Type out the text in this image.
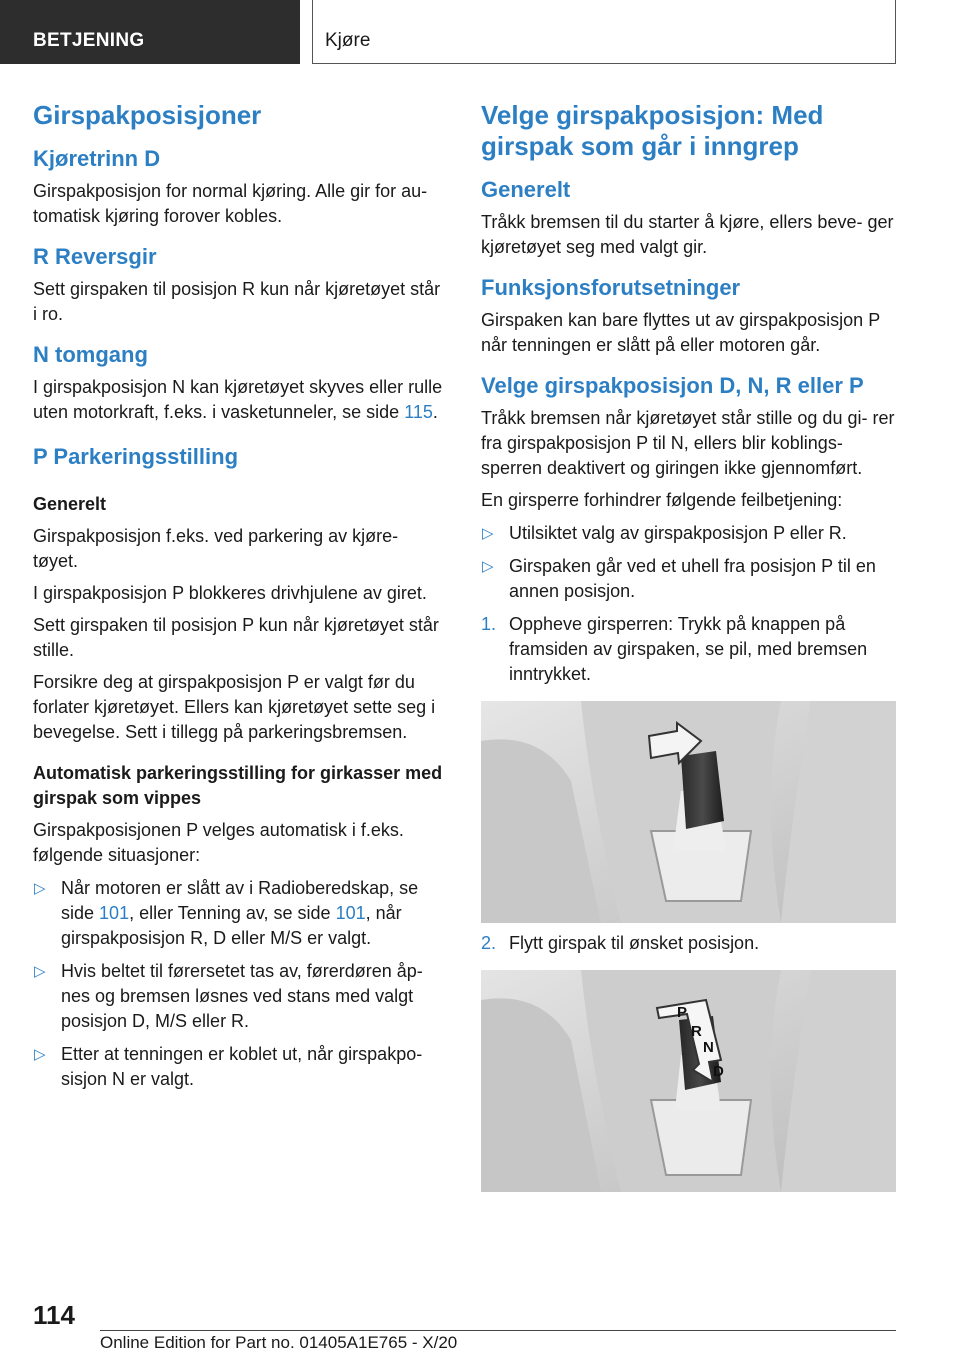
BETJENING	Kjøre
Girspakposisjoner
Kjøretrinn D

Girspakposisjon for normal kjøring. Alle gir for au‐ tomatisk kjøring forover kobles.

R Reversgir

Sett girspaken til posisjon R kun når kjøretøyet står i ro.

N tomgang

I girspakposisjon N kan kjøretøyet skyves eller rulle uten motorkraft, f.eks. i vasketunneler, se side 115.

P Parkeringsstilling
Generelt

Girspakposisjon f.eks. ved parkering av kjøre‐ tøyet.

I girspakposisjon P blokkeres drivhjulene av giret.

Sett girspaken til posisjon P kun når kjøretøyet står stille.

Forsikre deg at girspakposisjon P er valgt før du forlater kjøretøyet. Ellers kan kjøretøyet sette seg i bevegelse. Sett i tillegg på parkeringsbremsen.

Automatisk parkeringsstilling for girkasser med girspak som vippes

Girspakposisjonen P velges automatisk i f.eks. følgende situasjoner:

▷ Når motoren er slått av i Radioberedskap, se side 101, eller Tenning av, se side 101, når girspakposisjon R, D eller M/S er valgt.
▷ Hvis beltet til førersetet tas av, førerdøren åp‐ nes og bremsen løsnes ved stans med valgt posisjon D, M/S eller R.
▷ Etter at tenningen er koblet ut, når girspakpo‐ sisjon N er valgt.
Velge girspakposisjon: Med girspak som går i inngrep
Generelt

Tråkk bremsen til du starter å kjøre, ellers beve‐ ger kjøretøyet seg med valgt gir.

Funksjonsforutsetninger

Girspaken kan bare flyttes ut av girspakposisjon P når tenningen er slått på eller motoren går.

Velge girspakposisjon D, N, R eller P

Tråkk bremsen når kjøretøyet står stille og du gi‐ rer fra girspakposisjon P til N, ellers blir koblings‐ sperren deaktivert og giringen ikke gjennomført.

En girsperre forhindrer følgende feilbetjening:

▷ Utilsiktet valg av girspakposisjon P eller R.
▷ Girspaken går ved et uhell fra posisjon P til en annen posisjon.
1. Oppheve girsperren: Trykk på knappen på framsiden av girspaken, se pil, med bremsen inntrykket.
2. Flytt girspak til ønsket posisjon.
P
R
N
D
114
Online Edition for Part no. 01405A1E765 - X/20
